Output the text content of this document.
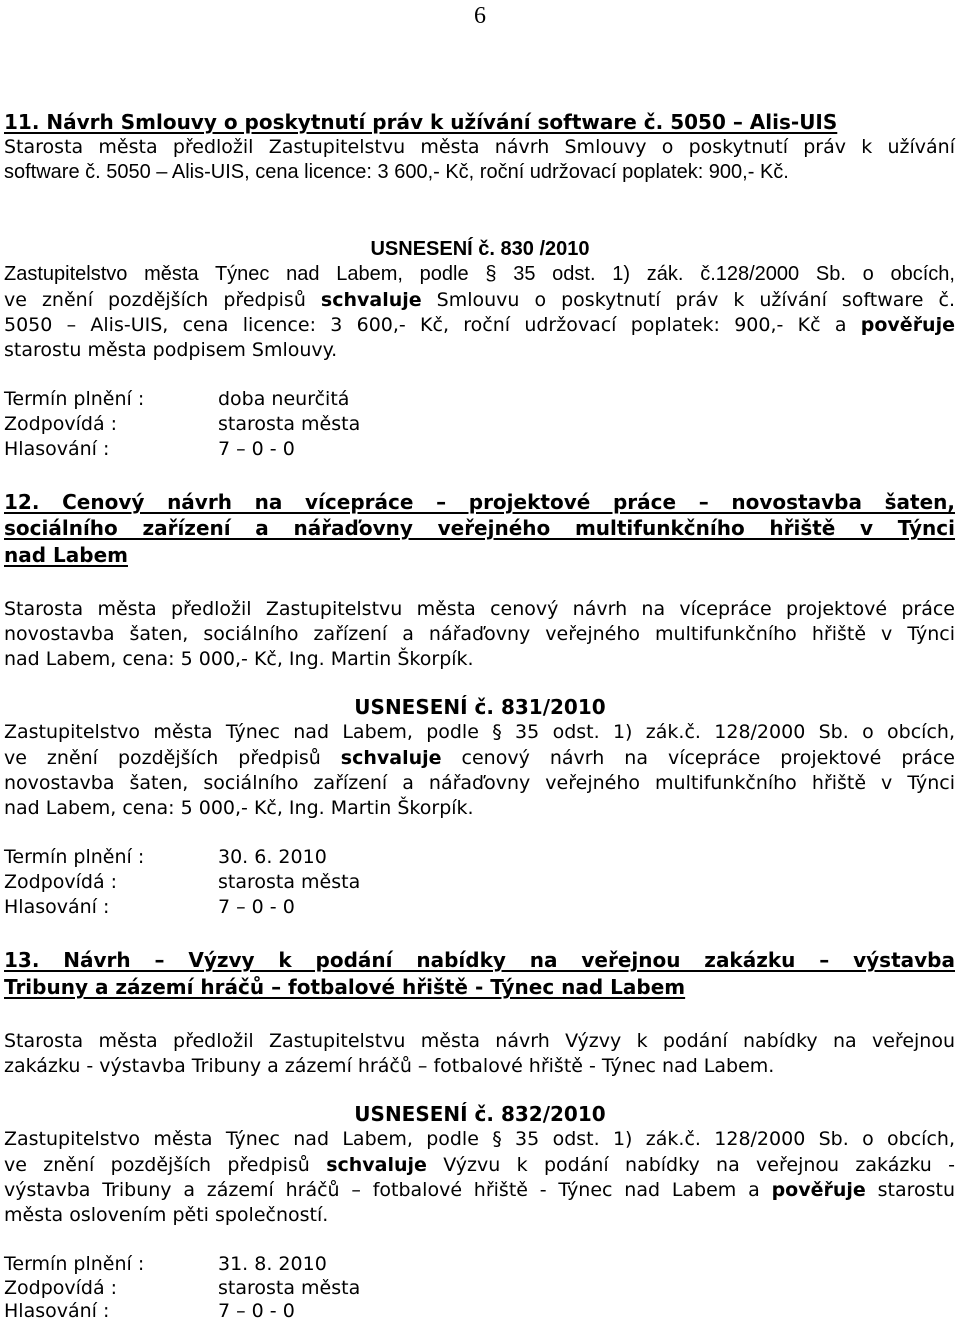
6
11. Návrh Smlouvy o poskytnutí práv k užívání software č. 5050 – Alis-UIS
Starosta města předložil Zastupitelstvu města návrh Smlouvy o poskytnutí práv k užívání
software č. 5050 – Alis-UIS, cena licence: 3 600,- Kč, roční udržovací poplatek: 900,- Kč.
USNESENÍ č. 830 /2010
Zastupitelstvo města Týnec nad Labem, podle § 35 odst. 1) zák. č.128/2000 Sb. o obcích,
ve znění pozdějších předpisů schvaluje Smlouvu o poskytnutí práv k užívání software č.
5050 – Alis-UIS, cena licence: 3 600,- Kč, roční udržovací poplatek: 900,- Kč a pověřuje
starostu města podpisem Smlouvy.
Termín plnění :	doba neurčitá
Zodpovídá :	starosta města
Hlasování :	7 – 0 - 0
12. Cenový návrh na vícepráce – projektové práce – novostavba šaten,
sociálního zařízení a nářaďovny veřejného multifunkčního hřiště v Týnci
nad Labem
Starosta města předložil Zastupitelstvu města cenový návrh na vícepráce projektové práce
novostavba šaten, sociálního zařízení a nářaďovny veřejného multifunkčního hřiště v Týnci
nad Labem, cena: 5 000,- Kč, Ing. Martin Škorpík.
USNESENÍ č. 831/2010
Zastupitelstvo města Týnec nad Labem, podle § 35 odst. 1) zák.č. 128/2000 Sb. o obcích,
ve znění pozdějších předpisů schvaluje cenový návrh na vícepráce projektové práce
novostavba šaten, sociálního zařízení a nářaďovny veřejného multifunkčního hřiště v Týnci
nad Labem, cena: 5 000,- Kč, Ing. Martin Škorpík.
Termín plnění :	30. 6. 2010
Zodpovídá :	starosta města
Hlasování :	7 – 0 - 0
13. Návrh – Výzvy k podání nabídky na veřejnou zakázku – výstavba
Tribuny a zázemí hráčů – fotbalové hřiště - Týnec nad Labem
Starosta města předložil Zastupitelstvu města návrh Výzvy k podání nabídky na veřejnou
zakázku - výstavba Tribuny a zázemí hráčů – fotbalové hřiště - Týnec nad Labem.
USNESENÍ č. 832/2010
Zastupitelstvo města Týnec nad Labem, podle § 35 odst. 1) zák.č. 128/2000 Sb. o obcích,
ve znění pozdějších předpisů schvaluje Výzvu k podání nabídky na veřejnou zakázku -
výstavba Tribuny a zázemí hráčů – fotbalové hřiště - Týnec nad Labem a pověřuje starostu
města oslovením pěti společností.
Termín plnění :	31. 8. 2010
Zodpovídá :	starosta města
Hlasování :	7 – 0 - 0
